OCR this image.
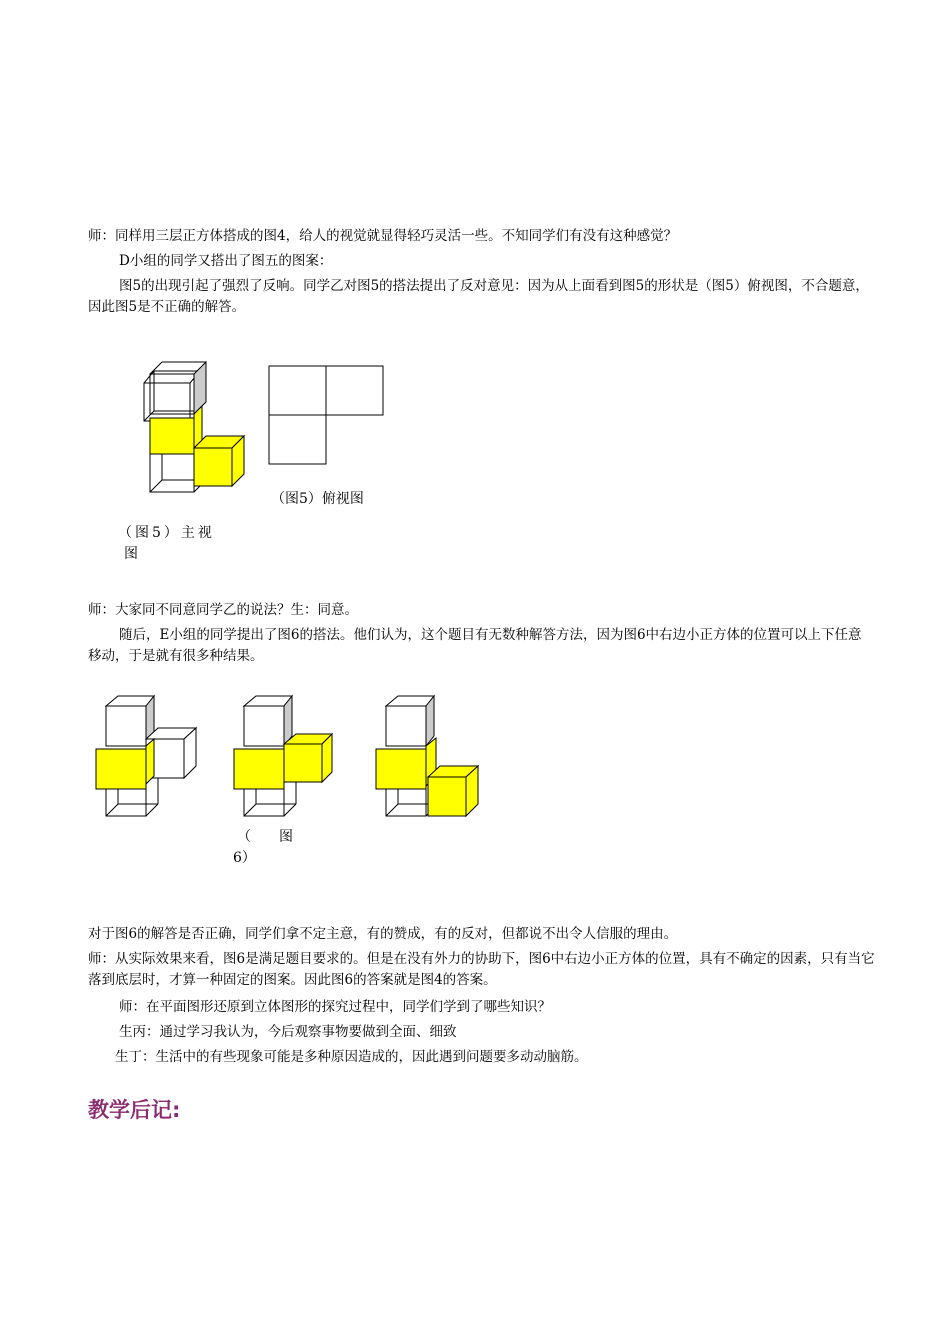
师：同样用三层正方体搭成的图4，给人的视觉就显得轻巧灵活一些。不知同学们有没有这种感觉？
D小组的同学又搭出了图五的图案：
图5的出现引起了强烈了反响。同学乙对图5的搭法提出了反对意见：因为从上面看到图5的形状是（图5）俯视图，不合题意，因此图5是不正确的解答。
（图5）俯视图
（图5）主视
图
师：大家同不同意同学乙的说法？生：同意。
随后，E小组的同学提出了图6的搭法。他们认为，这个题目有无数种解答方法，因为图6中右边小正方体的位置可以上下任意移动，于是就有很多种结果。
（　　图
6）
对于图6的解答是否正确，同学们拿不定主意，有的赞成，有的反对，但都说不出令人信服的理由。
师：从实际效果来看，图6是满足题目要求的。但是在没有外力的协助下，图6中右边小正方体的位置，具有不确定的因素，只有当它落到底层时，才算一种固定的图案。因此图6的答案就是图4的答案。
师：在平面图形还原到立体图形的探究过程中，同学们学到了哪些知识？
生丙：通过学习我认为，今后观察事物要做到全面、细致
生丁：生活中的有些现象可能是多种原因造成的，因此遇到问题要多动动脑筋。
教学后记:
